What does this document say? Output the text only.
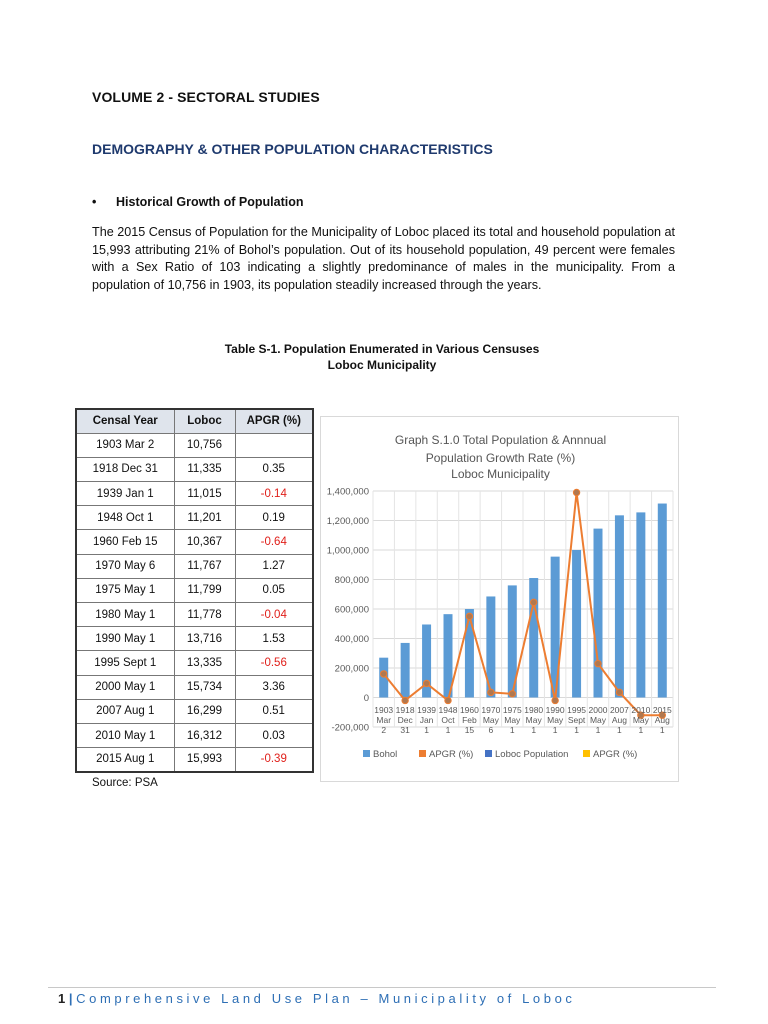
VOLUME 2 - SECTORAL STUDIES
DEMOGRAPHY & OTHER POPULATION CHARACTERISTICS
• Historical Growth of Population

The 2015 Census of Population for the Municipality of Loboc placed its total and household population at 15,993 attributing 21% of Bohol’s population. Out of its household population, 49 percent were females with a Sex Ratio of 103 indicating a slightly predominance of males in the municipality. From a population of 10,756 in 1903, its population steadily increased through the years.

Table S-1. Population Enumerated in Various Censuses
Loboc Municipality
Censal Year	Loboc	APGR (%)
1903 Mar 2	10,756	
1918 Dec 31	11,335	0.35
1939 Jan 1	11,015	-0.14
1948 Oct 1	11,201	0.19
1960 Feb 15	10,367	-0.64
1970 May 6	11,767	1.27
1975 May 1	11,799	0.05
1980 May 1	11,778	-0.04
1990 May 1	13,716	1.53
1995 Sept 1	13,335	-0.56
2000 May 1	15,734	3.36
2007 Aug 1	16,299	0.51
2010 May 1	16,312	0.03
2015 Aug 1	15,993	-0.39
Source: PSA
Graph S.1.0 Total Population & Annnual
Population Growth Rate (%)
Loboc Municipality
-200,000
0
200,000
400,000
600,000
800,000
1,000,000
1,200,000
1,400,000
1903
Mar
2
1918
Dec
31
1939
Jan
1
1948
Oct
1
1960
Feb
15
1970
May
6
1975
May
1
1980
May
1
1990
May
1
1995
Sept
1
2000
May
1
2007
Aug
1
2010
May
1
2015
Aug
1
Bohol	APGR (%) Loboc Population	APGR (%)
1 | Comprehensive Land Use Plan – Municipality of Loboc
